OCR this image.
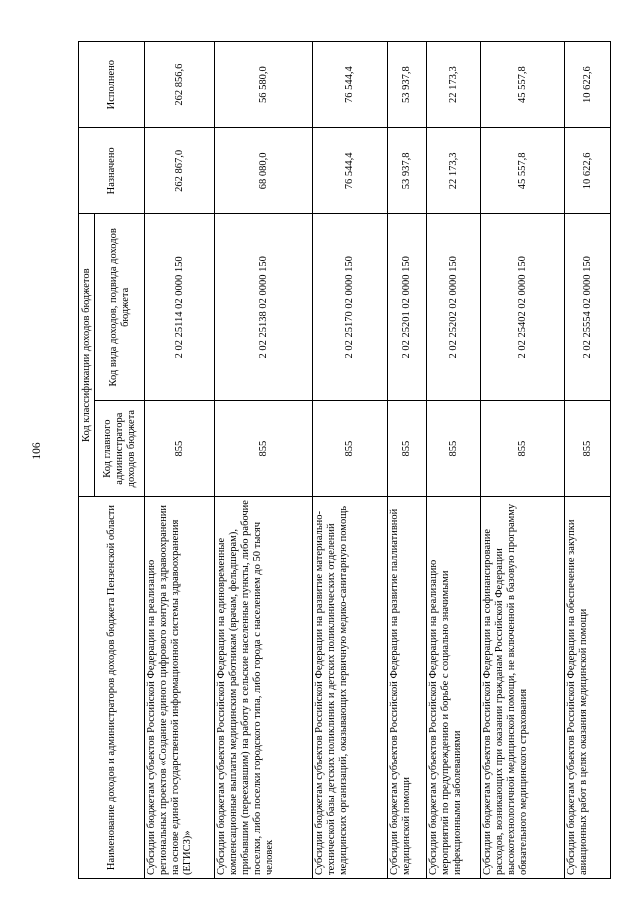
106
Наименование доходов и администраторов доходов бюджета Пензенской области	Код классификации доходов бюджетов		Назначено	Исполнено
	Код главного администратора доходов бюджета	Код вида доходов, подвида доходов бюджета		
Субсидии бюджетам субъектов Российской Федерации на реализацию региональных проектов «Создание единого цифрового контура в здравоохранении на основе единой государственной информационной системы здравоохранения (ЕГИСЗ)»	855	2 02 25114 02 0000 150	262 867,0	262 856,6
Субсидии бюджетам субъектов Российской Федерации на единовременные компенсационные выплаты медицинским работникам (врачам, фельдшерам), прибывшим (переехавшим) на работу в сельские населенные пункты, либо рабочие поселки, либо поселки городского типа, либо города с населением до 50 тысяч человек	855	2 02 25138 02 0000 150	68 080,0	56 580,0
Субсидии бюджетам субъектов Российской Федерации на развитие материально-технической базы детских поликлиник и детских поликлинических отделений медицинских организаций, оказывающих первичную медико-санитарную помощь	855	2 02 25170 02 0000 150	76 544,4	76 544,4
Субсидии бюджетам субъектов Российской Федерации на развитие паллиативной медицинской помощи	855	2 02 25201 02 0000 150	53 937,8	53 937,8
Субсидии бюджетам субъектов Российской Федерации на реализацию мероприятий по предупреждению и борьбе с социально значимыми инфекционными заболеваниями	855	2 02 25202 02 0000 150	22 173,3	22 173,3
Субсидии бюджетам субъектов Российской Федерации на софинансирование расходов, возникающих при оказании гражданам Российской Федерации высокотехнологичной медицинской помощи, не включенной в базовую программу обязательного медицинского страхования	855	2 02 25402 02 0000 150	45 557,8	45 557,8
Субсидии бюджетам субъектов Российской Федерации на обеспечение закупки авиационных работ в целях оказания медицинской помощи	855	2 02 25554 02 0000 150	10 622,6	10 622,6
